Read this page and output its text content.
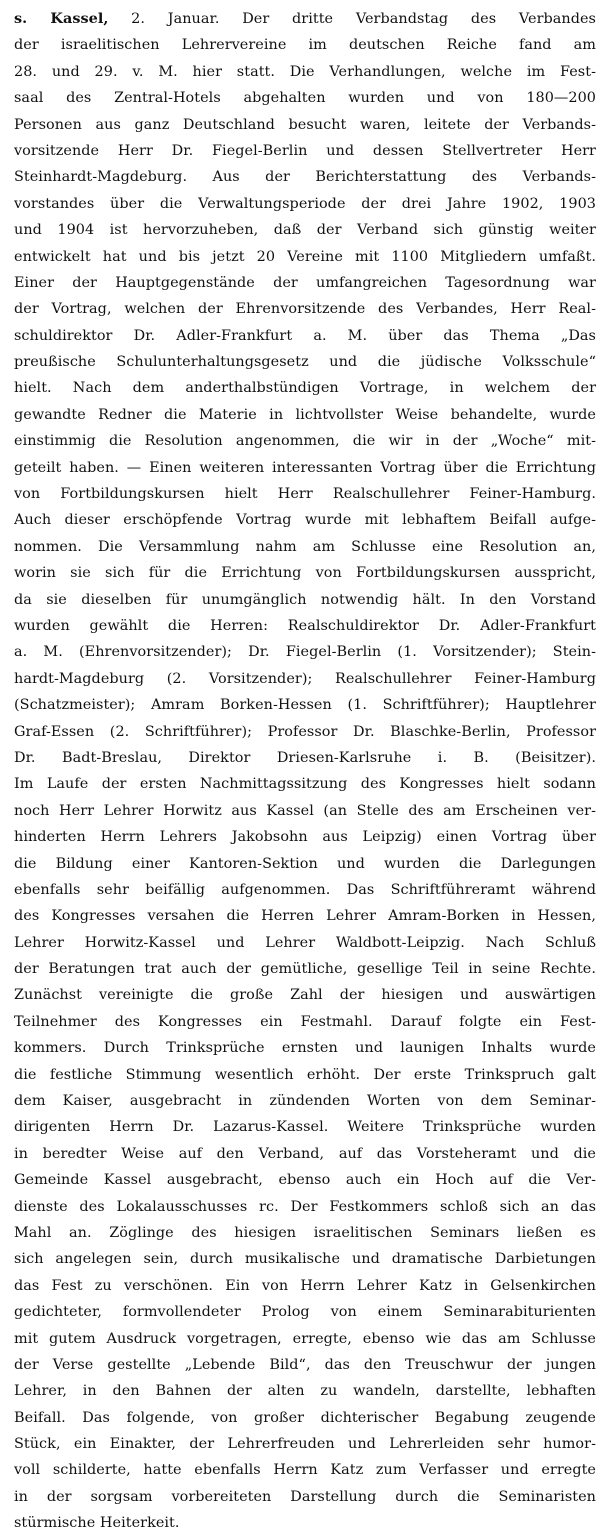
s. Kassel, 2. Januar. Der dritte Verbandstag des Verbandes
der israelitischen Lehrervereine im deutschen Reiche fand am
28. und 29. v. M. hier statt. Die Verhandlungen, welche im Fest-
saal des Zentral-Hotels abgehalten wurden und von 180—200
Personen aus ganz Deutschland besucht waren, leitete der Verbands-
vorsitzende Herr Dr. Fiegel-Berlin und dessen Stellvertreter Herr
Steinhardt-Magdeburg. Aus der Berichterstattung des Verbands-
vorstandes über die Verwaltungsperiode der drei Jahre 1902, 1903
und 1904 ist hervorzuheben, daß der Verband sich günstig weiter
entwickelt hat und bis jetzt 20 Vereine mit 1100 Mitgliedern umfaßt.
Einer der Hauptgegenstände der umfangreichen Tagesordnung war
der Vortrag, welchen der Ehrenvorsitzende des Verbandes, Herr Real-
schuldirektor Dr. Adler-Frankfurt a. M. über das Thema „Das
preußische Schulunterhaltungsgesetz und die jüdische Volksschule“
hielt. Nach dem anderthalbstündigen Vortrage, in welchem der
gewandte Redner die Materie in lichtvollster Weise behandelte, wurde
einstimmig die Resolution angenommen, die wir in der „Woche“ mit-
geteilt haben. — Einen weiteren interessanten Vortrag über die Errichtung
von Fortbildungskursen hielt Herr Realschullehrer Feiner-Hamburg.
Auch dieser erschöpfende Vortrag wurde mit lebhaftem Beifall aufge-
nommen. Die Versammlung nahm am Schlusse eine Resolution an,
worin sie sich für die Errichtung von Fortbildungskursen ausspricht,
da sie dieselben für unumgänglich notwendig hält. In den Vorstand
wurden gewählt die Herren: Realschuldirektor Dr. Adler-Frankfurt
a. M. (Ehrenvorsitzender); Dr. Fiegel-Berlin (1. Vorsitzender); Stein-
hardt-Magdeburg (2. Vorsitzender); Realschullehrer Feiner-Hamburg
(Schatzmeister); Amram Borken-Hessen (1. Schriftführer); Hauptlehrer
Graf-Essen (2. Schriftführer); Professor Dr. Blaschke-Berlin, Professor
Dr. Badt-Breslau, Direktor Driesen-Karlsruhe i. B. (Beisitzer).
Im Laufe der ersten Nachmittagssitzung des Kongresses hielt sodann
noch Herr Lehrer Horwitz aus Kassel (an Stelle des am Erscheinen ver-
hinderten Herrn Lehrers Jakobsohn aus Leipzig) einen Vortrag über
die Bildung einer Kantoren-Sektion und wurden die Darlegungen
ebenfalls sehr beifällig aufgenommen. Das Schriftführeramt während
des Kongresses versahen die Herren Lehrer Amram-Borken in Hessen,
Lehrer Horwitz-Kassel und Lehrer Waldbott-Leipzig. Nach Schluß
der Beratungen trat auch der gemütliche, gesellige Teil in seine Rechte.
Zunächst vereinigte die große Zahl der hiesigen und auswärtigen
Teilnehmer des Kongresses ein Festmahl. Darauf folgte ein Fest-
kommers. Durch Trinksprüche ernsten und launigen Inhalts wurde
die festliche Stimmung wesentlich erhöht. Der erste Trinkspruch galt
dem Kaiser, ausgebracht in zündenden Worten von dem Seminar-
dirigenten Herrn Dr. Lazarus-Kassel. Weitere Trinksprüche wurden
in beredter Weise auf den Verband, auf das Vorsteheramt und die
Gemeinde Kassel ausgebracht, ebenso auch ein Hoch auf die Ver-
dienste des Lokalausschusses rc. Der Festkommers schloß sich an das
Mahl an. Zöglinge des hiesigen israelitischen Seminars ließen es
sich angelegen sein, durch musikalische und dramatische Darbietungen
das Fest zu verschönen. Ein von Herrn Lehrer Katz in Gelsenkirchen
gedichteter, formvollendeter Prolog von einem Seminarabiturienten
mit gutem Ausdruck vorgetragen, erregte, ebenso wie das am Schlusse
der Verse gestellte „Lebende Bild“, das den Treuschwur der jungen
Lehrer, in den Bahnen der alten zu wandeln, darstellte, lebhaften
Beifall. Das folgende, von großer dichterischer Begabung zeugende
Stück, ein Einakter, der Lehrerfreuden und Lehrerleiden sehr humor-
voll schilderte, hatte ebenfalls Herrn Katz zum Verfasser und erregte
in der sorgsam vorbereiteten Darstellung durch die Seminaristen
stürmische Heiterkeit.
